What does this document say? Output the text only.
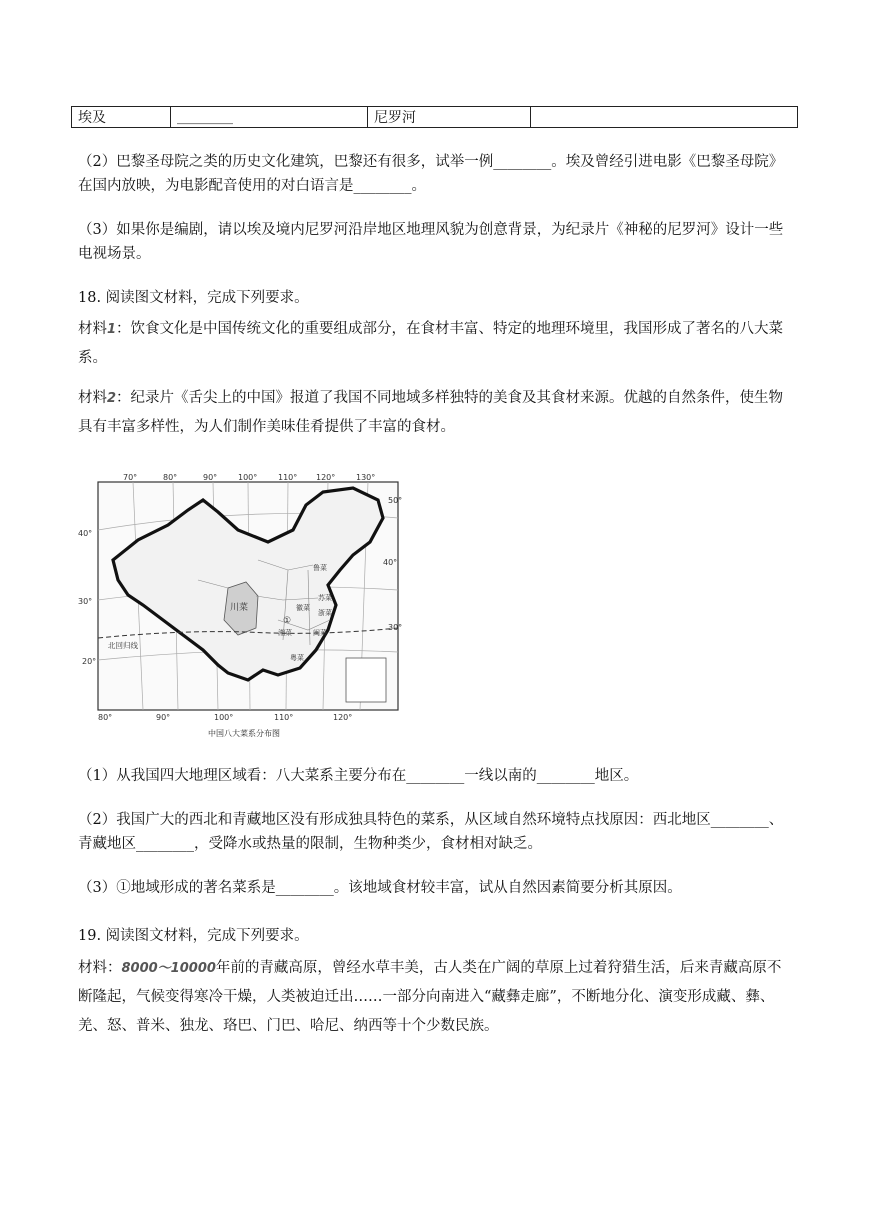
埃及	________	尼罗河	

（2）巴黎圣母院之类的历史文化建筑，巴黎还有很多，试举一例________。埃及曾经引进电影《巴黎圣母院》在国内放映，为电影配音使用的对白语言是________。

（3）如果你是编剧，请以埃及境内尼罗河沿岸地区地理风貌为创意背景，为纪录片《神秘的尼罗河》设计一些电视场景。

18. 阅读图文材料，完成下列要求。

材料1：饮食文化是中国传统文化的重要组成部分，在食材丰富、特定的地理环境里，我国形成了著名的八大菜系。

材料2：纪录片《舌尖上的中国》报道了我国不同地域多样独特的美食及其食材来源。优越的自然条件，使生物具有丰富多样性，为人们制作美味佳肴提供了丰富的食材。

70°	80°	90°	100°	110° 120°	130°
80°	90°	100°	110°	120°
40°
30°
20°
50°
40°
30°
川菜
北回归线
鲁菜
苏菜
浙菜
徽菜
闽菜
湘菜
粤菜
①
中国八大菜系分布图

（1）从我国四大地理区域看：八大菜系主要分布在________一线以南的________地区。

（2）我国广大的西北和青藏地区没有形成独具特色的菜系，从区域自然环境特点找原因：西北地区________、青藏地区________，受降水或热量的限制，生物种类少，食材相对缺乏。

（3）①地域形成的著名菜系是________。该地域食材较丰富，试从自然因素简要分析其原因。

19. 阅读图文材料，完成下列要求。

材料：8000～10000年前的青藏高原，曾经水草丰美，古人类在广阔的草原上过着狩猎生活，后来青藏高原不断隆起，气候变得寒冷干燥，人类被迫迁出……一部分向南进入“藏彝走廊”，不断地分化、演变形成藏、彝、羌、怒、普米、独龙、珞巴、门巴、哈尼、纳西等十个少数民族。
